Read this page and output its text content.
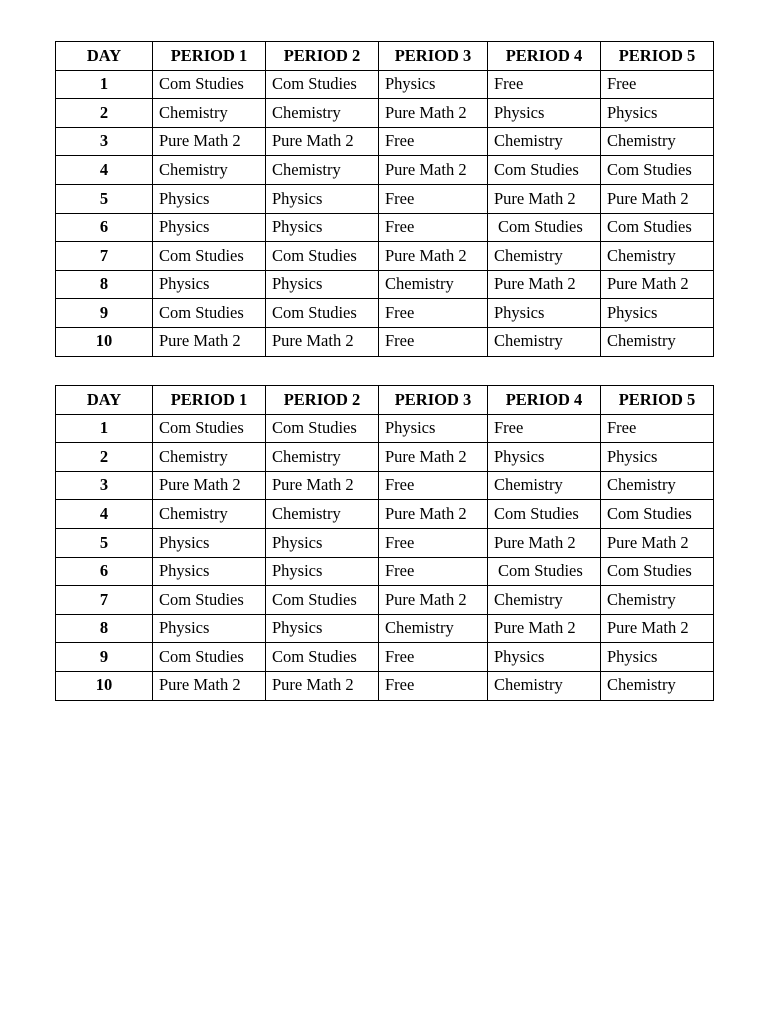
DAY	PERIOD 1	PERIOD 2	PERIOD 3	PERIOD 4	PERIOD 5
1	Com Studies	Com Studies	Physics	Free	Free
2	Chemistry	Chemistry	Pure Math 2	Physics	Physics
3	Pure Math 2	Pure Math 2	Free	Chemistry	Chemistry
4	Chemistry	Chemistry	Pure Math 2	Com Studies	Com Studies
5	Physics	Physics	Free	Pure Math 2	Pure Math 2
6	Physics	Physics	Free	Com Studies	Com Studies
7	Com Studies	Com Studies	Pure Math 2	Chemistry	Chemistry
8	Physics	Physics	Chemistry	Pure Math 2	Pure Math 2
9	Com Studies	Com Studies	Free	Physics	Physics
10	Pure Math 2	Pure Math 2	Free	Chemistry	Chemistry
DAY	PERIOD 1	PERIOD 2	PERIOD 3	PERIOD 4	PERIOD 5
1	Com Studies	Com Studies	Physics	Free	Free
2	Chemistry	Chemistry	Pure Math 2	Physics	Physics
3	Pure Math 2	Pure Math 2	Free	Chemistry	Chemistry
4	Chemistry	Chemistry	Pure Math 2	Com Studies	Com Studies
5	Physics	Physics	Free	Pure Math 2	Pure Math 2
6	Physics	Physics	Free	Com Studies	Com Studies
7	Com Studies	Com Studies	Pure Math 2	Chemistry	Chemistry
8	Physics	Physics	Chemistry	Pure Math 2	Pure Math 2
9	Com Studies	Com Studies	Free	Physics	Physics
10	Pure Math 2	Pure Math 2	Free	Chemistry	Chemistry
